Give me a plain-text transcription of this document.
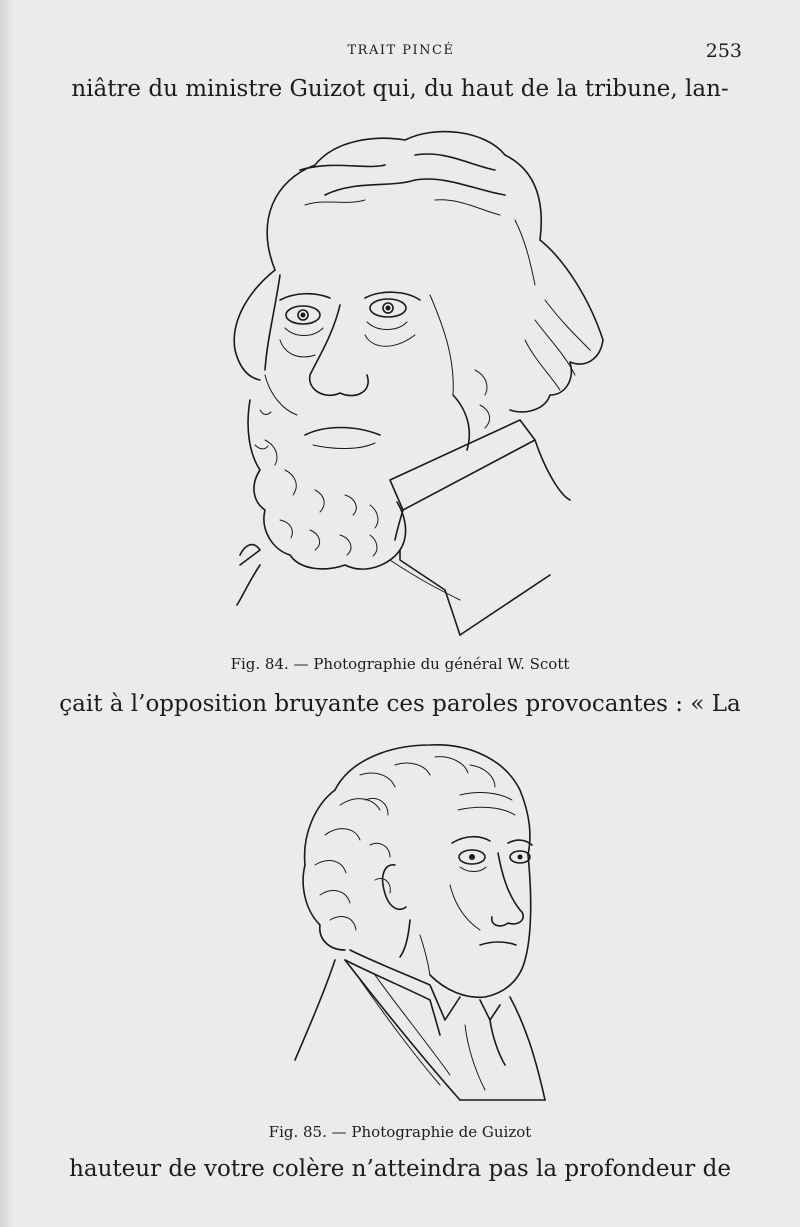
TRAIT PINCÉ	253
niâtre du ministre Guizot qui, du haut de la tribune, lan-
Fig. 84. — Photographie du général W. Scott
çait à l’opposition bruyante ces paroles provocantes : « La
Fig. 85. — Photographie de Guizot
hauteur de votre colère n’atteindra pas la profondeur de
